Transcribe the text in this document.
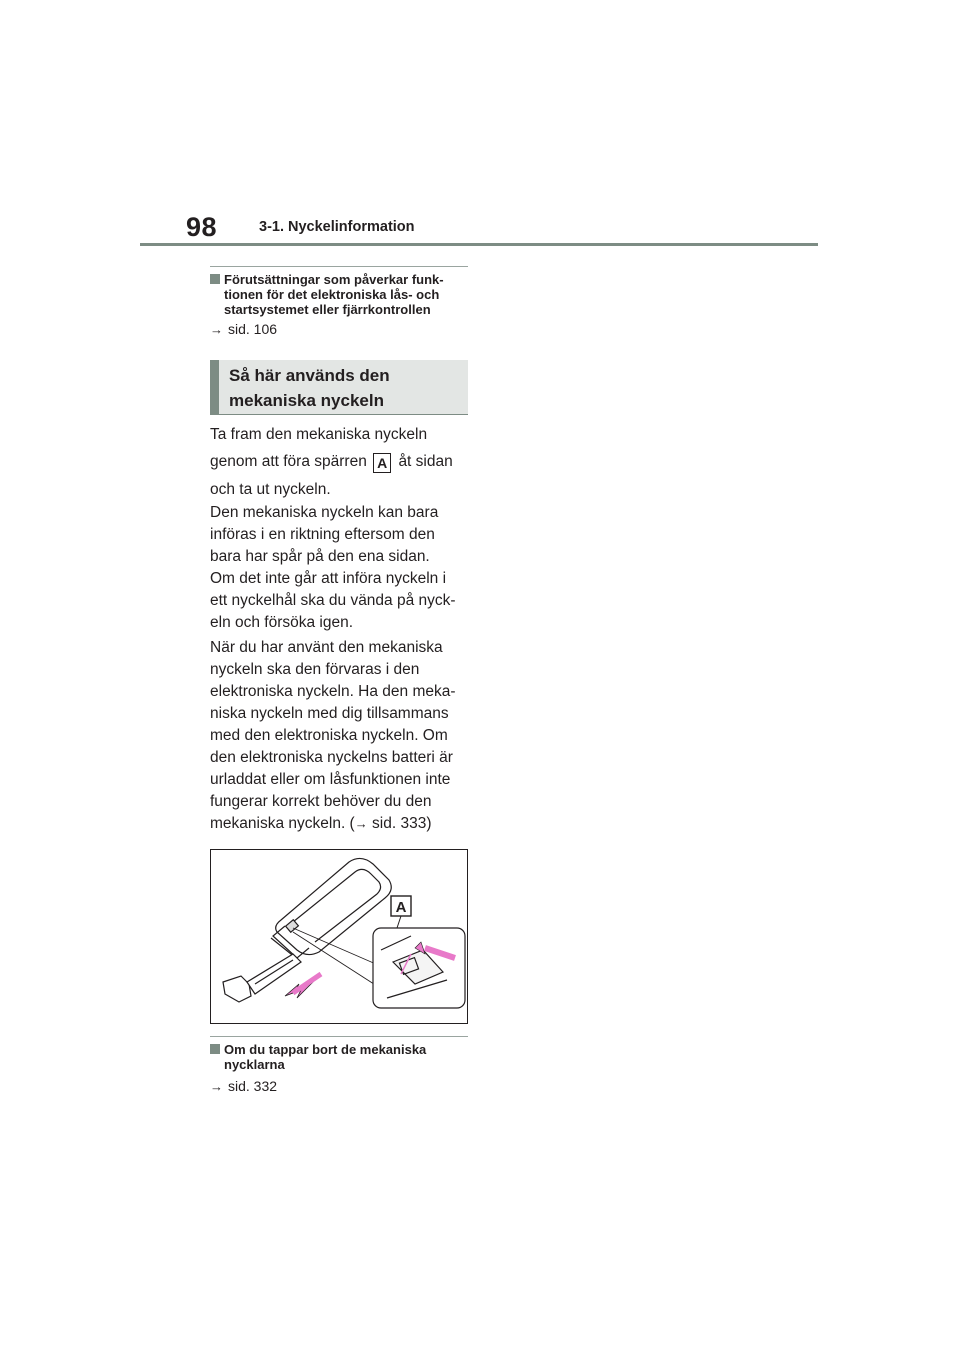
98	3-1. Nyckelinformation
Förutsättningar som påverkar funk-
tionen för det elektroniska lås- och
startsystemet eller fjärrkontrollen
→ sid. 106
Så här används den
mekaniska nyckeln
Ta fram den mekaniska nyckeln
genom att föra spärren A åt sidan
och ta ut nyckeln.
Den mekaniska nyckeln kan bara
införas i en riktning eftersom den
bara har spår på den ena sidan.
Om det inte går att införa nyckeln i
ett nyckelhål ska du vända på nyck-
eln och försöka igen.
När du har använt den mekaniska
nyckeln ska den förvaras i den
elektroniska nyckeln. Ha den meka-
niska nyckeln med dig tillsammans
med den elektroniska nyckeln. Om
den elektroniska nyckelns batteri är
urladdat eller om låsfunktionen inte
fungerar korrekt behöver du den
mekaniska nyckeln. (→ sid. 333)
A
Om du tappar bort de mekaniska
nycklarna
→ sid. 332
